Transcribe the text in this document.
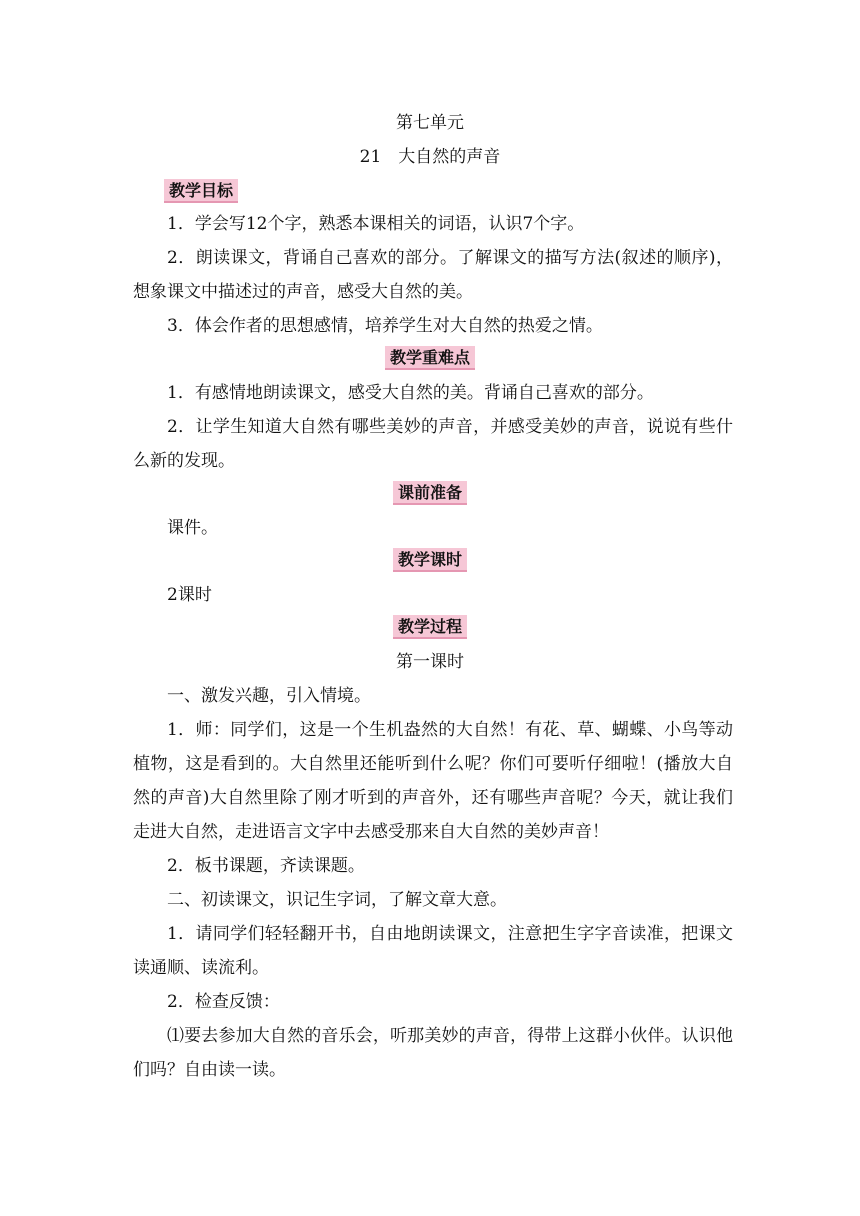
第七单元
21　大自然的声音
教学目标
1．学会写12个字，熟悉本课相关的词语，认识7个字。
2．朗读课文，背诵自己喜欢的部分。了解课文的描写方法(叙述的顺序)，想象课文中描述过的声音，感受大自然的美。
3．体会作者的思想感情，培养学生对大自然的热爱之情。
教学重难点
1．有感情地朗读课文，感受大自然的美。背诵自己喜欢的部分。
2．让学生知道大自然有哪些美妙的声音，并感受美妙的声音，说说有些什么新的发现。
课前准备
课件。
教学课时
2课时
教学过程
第一课时
一、激发兴趣，引入情境。
1．师：同学们，这是一个生机盎然的大自然！有花、草、蝴蝶、小鸟等动植物，这是看到的。大自然里还能听到什么呢？你们可要听仔细啦！(播放大自然的声音)大自然里除了刚才听到的声音外，还有哪些声音呢？今天，就让我们走进大自然，走进语言文字中去感受那来自大自然的美妙声音！
2．板书课题，齐读课题。
二、初读课文，识记生字词，了解文章大意。
1．请同学们轻轻翻开书，自由地朗读课文，注意把生字字音读准，把课文读通顺、读流利。
2．检查反馈：
⑴要去参加大自然的音乐会，听那美妙的声音，得带上这群小伙伴。认识他们吗？自由读一读。
